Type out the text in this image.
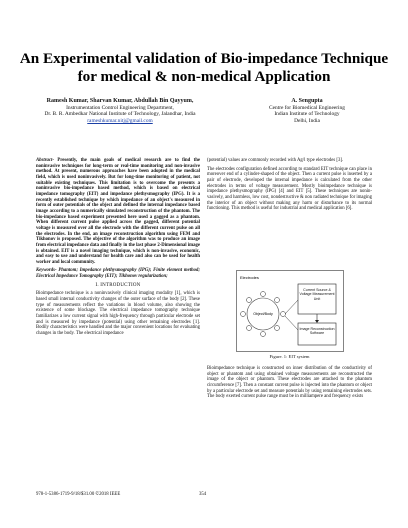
An Experimental validation of Bio-impedance Technique for medical & non-medical Application
Ramesh Kumar, Sharvan Kumar, Abdullah Bin Qayyum,
Instrumentation Control Engineering Department,
Dr. B. R. Ambedkar National Institute of Technology, Jalandhar, India
rameshkumar.nitj@gmail.com
A. Sengupta
Centre for Biomedical Engineering
Indian Institute of Technology
Delhi, India

Abstract- Presently, the main goals of medical research are to find the noninvasive techniques for long-term or real-time monitoring and non-invasive method. At present, numerous approaches have been adopted in the medical field, which is used noninvasively. But for long-time monitoring of patient, not suitable existing techniques. This limitation is to overcome the presents a noninvasive bio-impedance based method, which is based on electrical impedance tomography (EIT) and impedance plethysmography (IPG). It is a recently established technique by which impedance of an object's measured in form of outer potentials of the object and defined the internal impedance based image according to a numerically simulated reconstruction of the phantom. The bio-impedance based experiment presented here used a gagged as a phantom. When different current pulse applied across the gagged, different potential voltage is measured over all the electrode with the different current pulse on all the electrodes. In the end, an image reconstruction algorithm using FEM and Tikhonov is proposed. The objective of the algorithm was to produce an image from electrical impedance data and finally in the last phase 2-Dimensional image is obtained. EIT is a novel imaging technique, which is non-invasive, economic, and easy to use and understand for health care and also can be used for health worker and local community.

Keywords- Phantom; Impedance plethysmography (IPG); Finite element method; Electrical Impedance Tomography (EIT); Tikhonov regularization;

I. INTRODUCTION

Bioimpedance technique is a noninvasively clinical imaging modality [1], which is based small internal conductivity changes of the outer surface of the body [2]. These type of measurements reflect the variations in blood volume, also showing the existence of some blockage. The electrical impedance tomography technique familiarizes a low current signal with high-frequency through particular electrode set and is measured by impedance (potential) using other remaining electrodes [1]. Bodily characteristics were handled and the major convenient locations for evaluating changes in the body. The electrical impedance

(potential) values are commonly recorded with Ag/l type electrodes [3].

The electrodes configuration defined according to standard EIT technique can place in moreover end of a cylinder-shaped of the object. Then a current pulse is inserted by a pair of electrode, developed the internal impedance is calculated from the other electrodes in terms of voltage measurement. Mostly bioimpedance technique is impedance plethysmography (IPG) [4] and EIT [5]. These techniques are nonin-vasively, and harmless, low cost, nondestructive & non radiated technique for imaging the interior of an object without making any harm or disturbance to its normal functioning. This method is useful for industrial and medical application [6].

Electrodes
Object/Body
Current Source & Voltage Measurement Unit
Image Reconstruction Software
Figure. 1: EIT system
Bioimpedance technique is constructed on inner distribution of the conductivity of object or phantom and using obtained voltage measurements are reconstructed the image of the object or phantom. These electrodes are attached to the phantom circumference [7]. Then a constant current pulse is injected into the phantom or object by a particular electrode set and measure potentials by using remaining electrodes sets. The body exerted current pulse range must be in milliampere and frequency exists
978-1-5386-1719-9/18/$31.00 ©2018 IEEE	354
